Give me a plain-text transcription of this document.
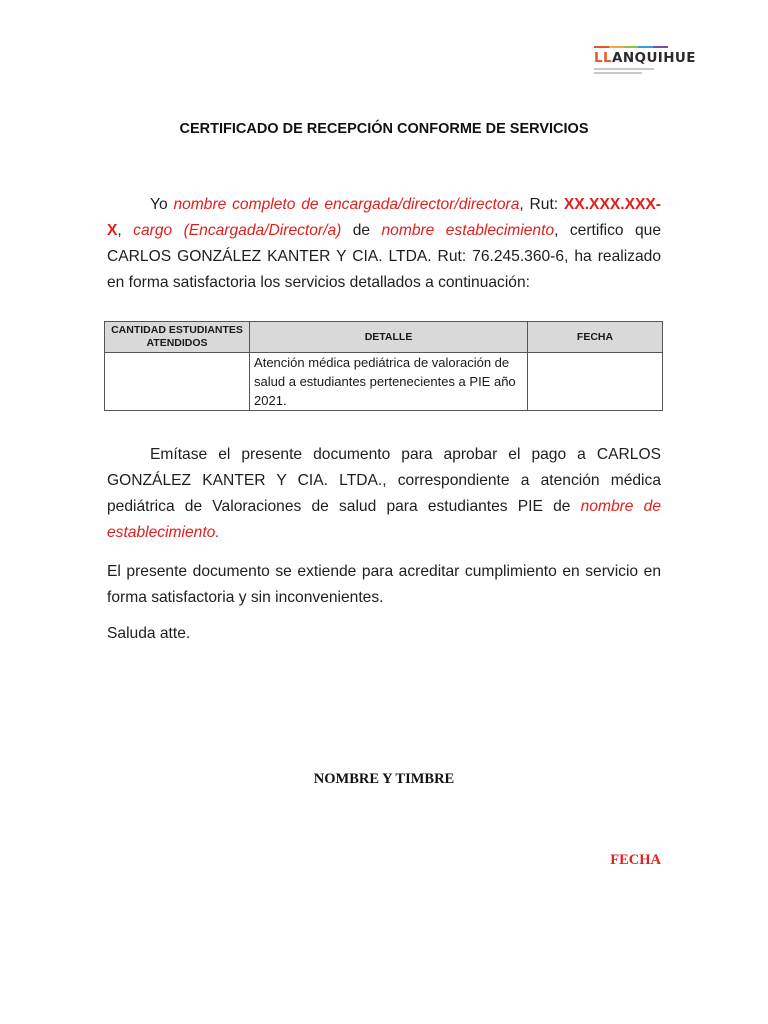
LLANQUIHUE
CERTIFICADO DE RECEPCIÓN CONFORME DE SERVICIOS
Yo nombre completo de encargada/director/directora, Rut: XX.XXX.XXX-X, cargo (Encargada/Director/a) de nombre establecimiento, certifico que CARLOS GONZÁLEZ KANTER Y CIA. LTDA. Rut: 76.245.360-6, ha realizado en forma satisfactoria los servicios detallados a continuación:
CANTIDAD ESTUDIANTES ATENDIDOS	DETALLE	FECHA
	Atención médica pediátrica de valoración de salud a estudiantes pertenecientes a PIE año 2021.	
Emítase el presente documento para aprobar el pago a CARLOS GONZÁLEZ KANTER Y CIA. LTDA., correspondiente a atención médica pediátrica de Valoraciones de salud para estudiantes PIE de nombre de establecimiento.
El presente documento se extiende para acreditar cumplimiento en servicio en forma satisfactoria y sin inconvenientes.
Saluda atte.
NOMBRE Y TIMBRE
FECHA
